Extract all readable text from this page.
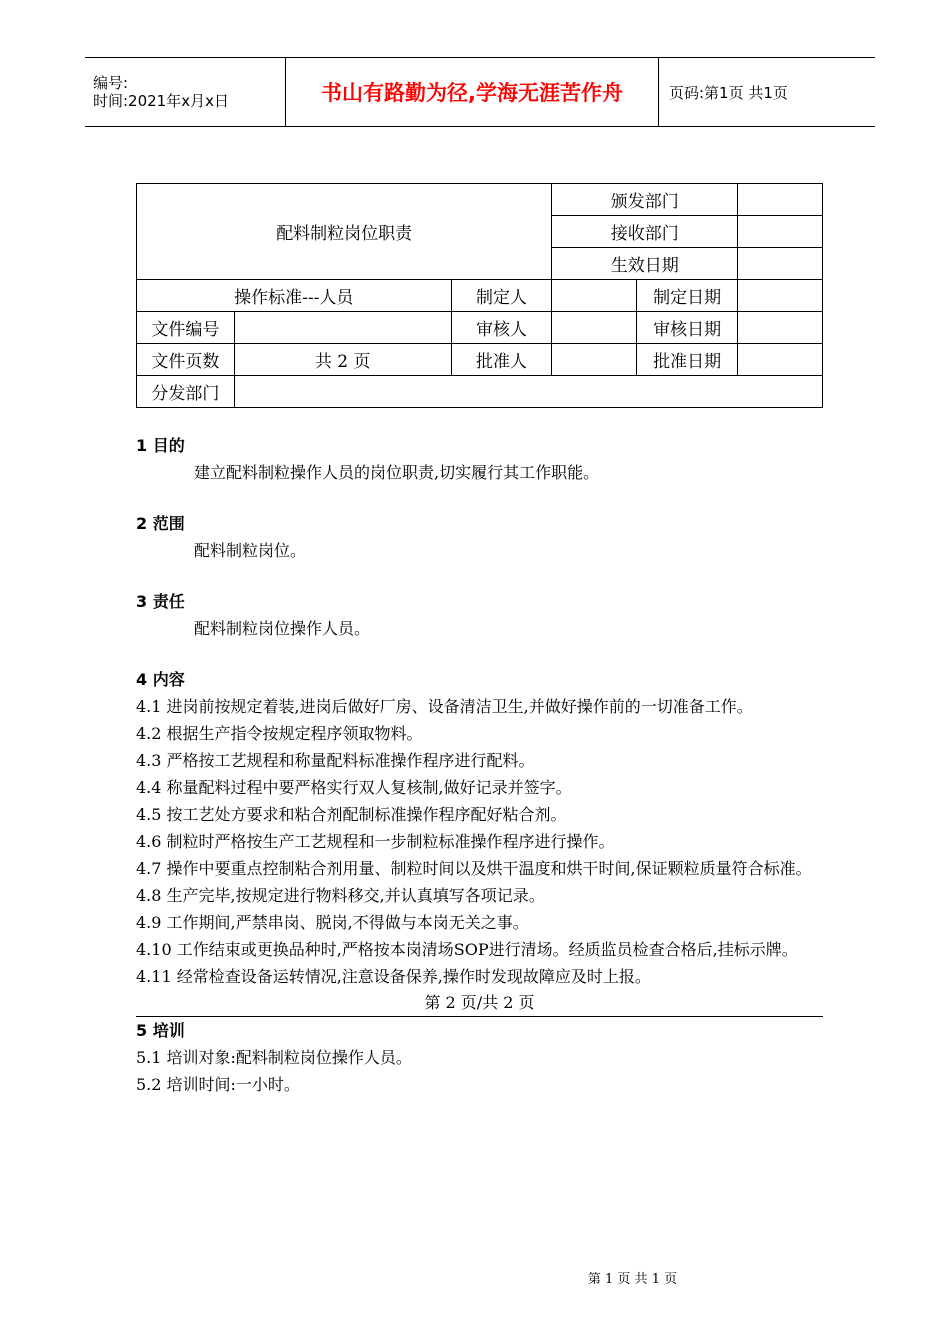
编号:
时间:2021年x月x日	书山有路勤为径,学海无涯苦作舟	页码:第1页 共1页
			颁发部门		
配料制粒岗位职责			接收部门		
			生效日期		
操作标准---人员		制定人		制定日期	
文件编号		审核人		审核日期	
文件页数	共 2 页	批准人		批准日期	
分发部门					
1 目的
建立配料制粒操作人员的岗位职责,切实履行其工作职能。
2 范围
配料制粒岗位。
3 责任
配料制粒岗位操作人员。
4 内容
4.1 进岗前按规定着装,进岗后做好厂房、设备清洁卫生,并做好操作前的一切准备工作。
4.2 根据生产指令按规定程序领取物料。
4.3 严格按工艺规程和称量配料标准操作程序进行配料。
4.4 称量配料过程中要严格实行双人复核制,做好记录并签字。
4.5 按工艺处方要求和粘合剂配制标准操作程序配好粘合剂。
4.6 制粒时严格按生产工艺规程和一步制粒标准操作程序进行操作。
4.7 操作中要重点控制粘合剂用量、制粒时间以及烘干温度和烘干时间,保证颗粒质量符合标准。
4.8 生产完毕,按规定进行物料移交,并认真填写各项记录。
4.9 工作期间,严禁串岗、脱岗,不得做与本岗无关之事。
4.10 工作结束或更换品种时,严格按本岗清场SOP进行清场。经质监员检查合格后,挂标示牌。
4.11 经常检查设备运转情况,注意设备保养,操作时发现故障应及时上报。
第 2 页/共 2 页
5 培训
5.1 培训对象:配料制粒岗位操作人员。
5.2 培训时间:一小时。
第 1 页 共 1 页
